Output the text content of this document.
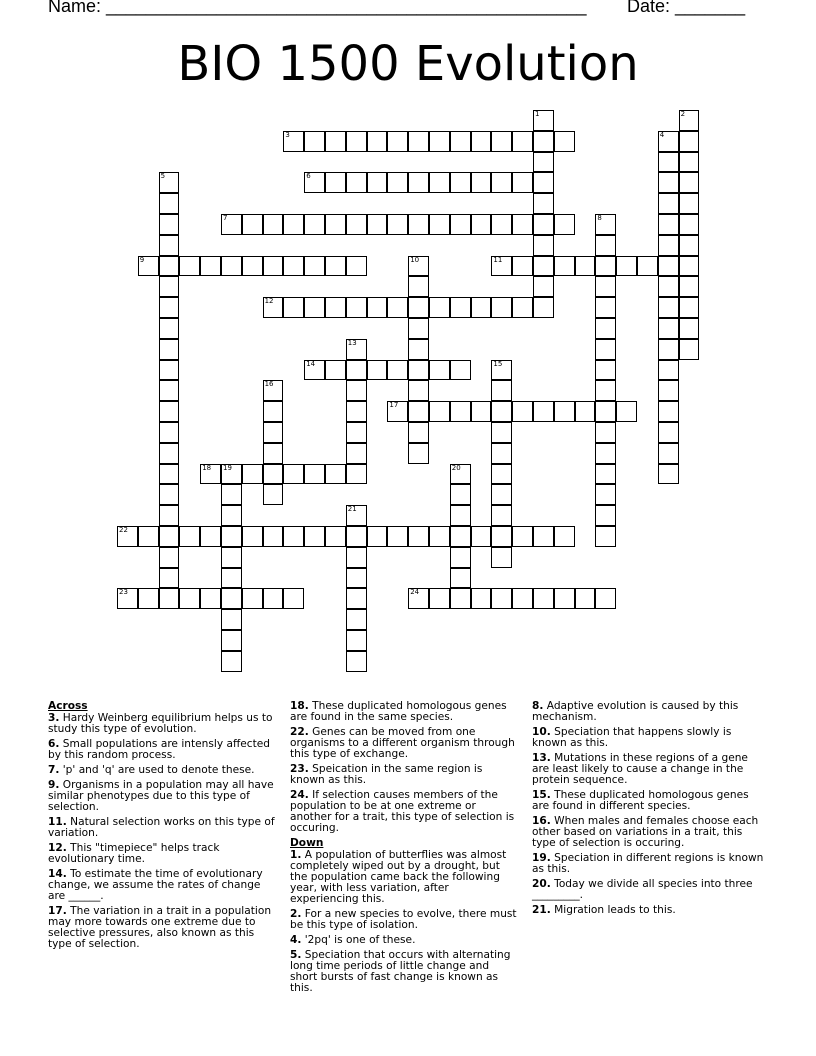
Name: ________________________________________________ Date: _______
BIO 1500 Evolution
3
6
7
9	11
12
14
17
18 19
22
23	24
1	2
4
5
8
10
13
15
16
20
21
Across
3. Hardy Weinberg equilibrium helps us to study this type of evolution.
6. Small populations are intensly affected by this random process.
7. 'p' and 'q' are used to denote these.
9. Organisms in a population may all have similar phenotypes due to this type of selection.
11. Natural selection works on this type of variation.
12. This "timepiece" helps track evolutionary time.
14. To estimate the time of evolutionary change, we assume the rates of change are ______.
17. The variation in a trait in a population may more towards one extreme due to selective pressures, also known as this type of selection.
18. These duplicated homologous genes are found in the same species.
22. Genes can be moved from one organisms to a different organism through this type of exchange.
23. Speication in the same region is known as this.
24. If selection causes members of the population to be at one extreme or another for a trait, this type of selection is occuring.
Down
1. A population of butterflies was almost completely wiped out by a drought, but the population came back the following year, with less variation, after experiencing this.
2. For a new species to evolve, there must be this type of isolation.
4. '2pq' is one of these.
5. Speciation that occurs with alternating long time periods of little change and short bursts of fast change is known as this.
8. Adaptive evolution is caused by this mechanism.
10. Speciation that happens slowly is known as this.
13. Mutations in these regions of a gene are least likely to cause a change in the protein sequence.
15. These duplicated homologous genes are found in different species.
16. When males and females choose each other based on variations in a trait, this type of selection is occuring.
19. Speciation in different regions is known as this.
20. Today we divide all species into three _________.
21. Migration leads to this.
